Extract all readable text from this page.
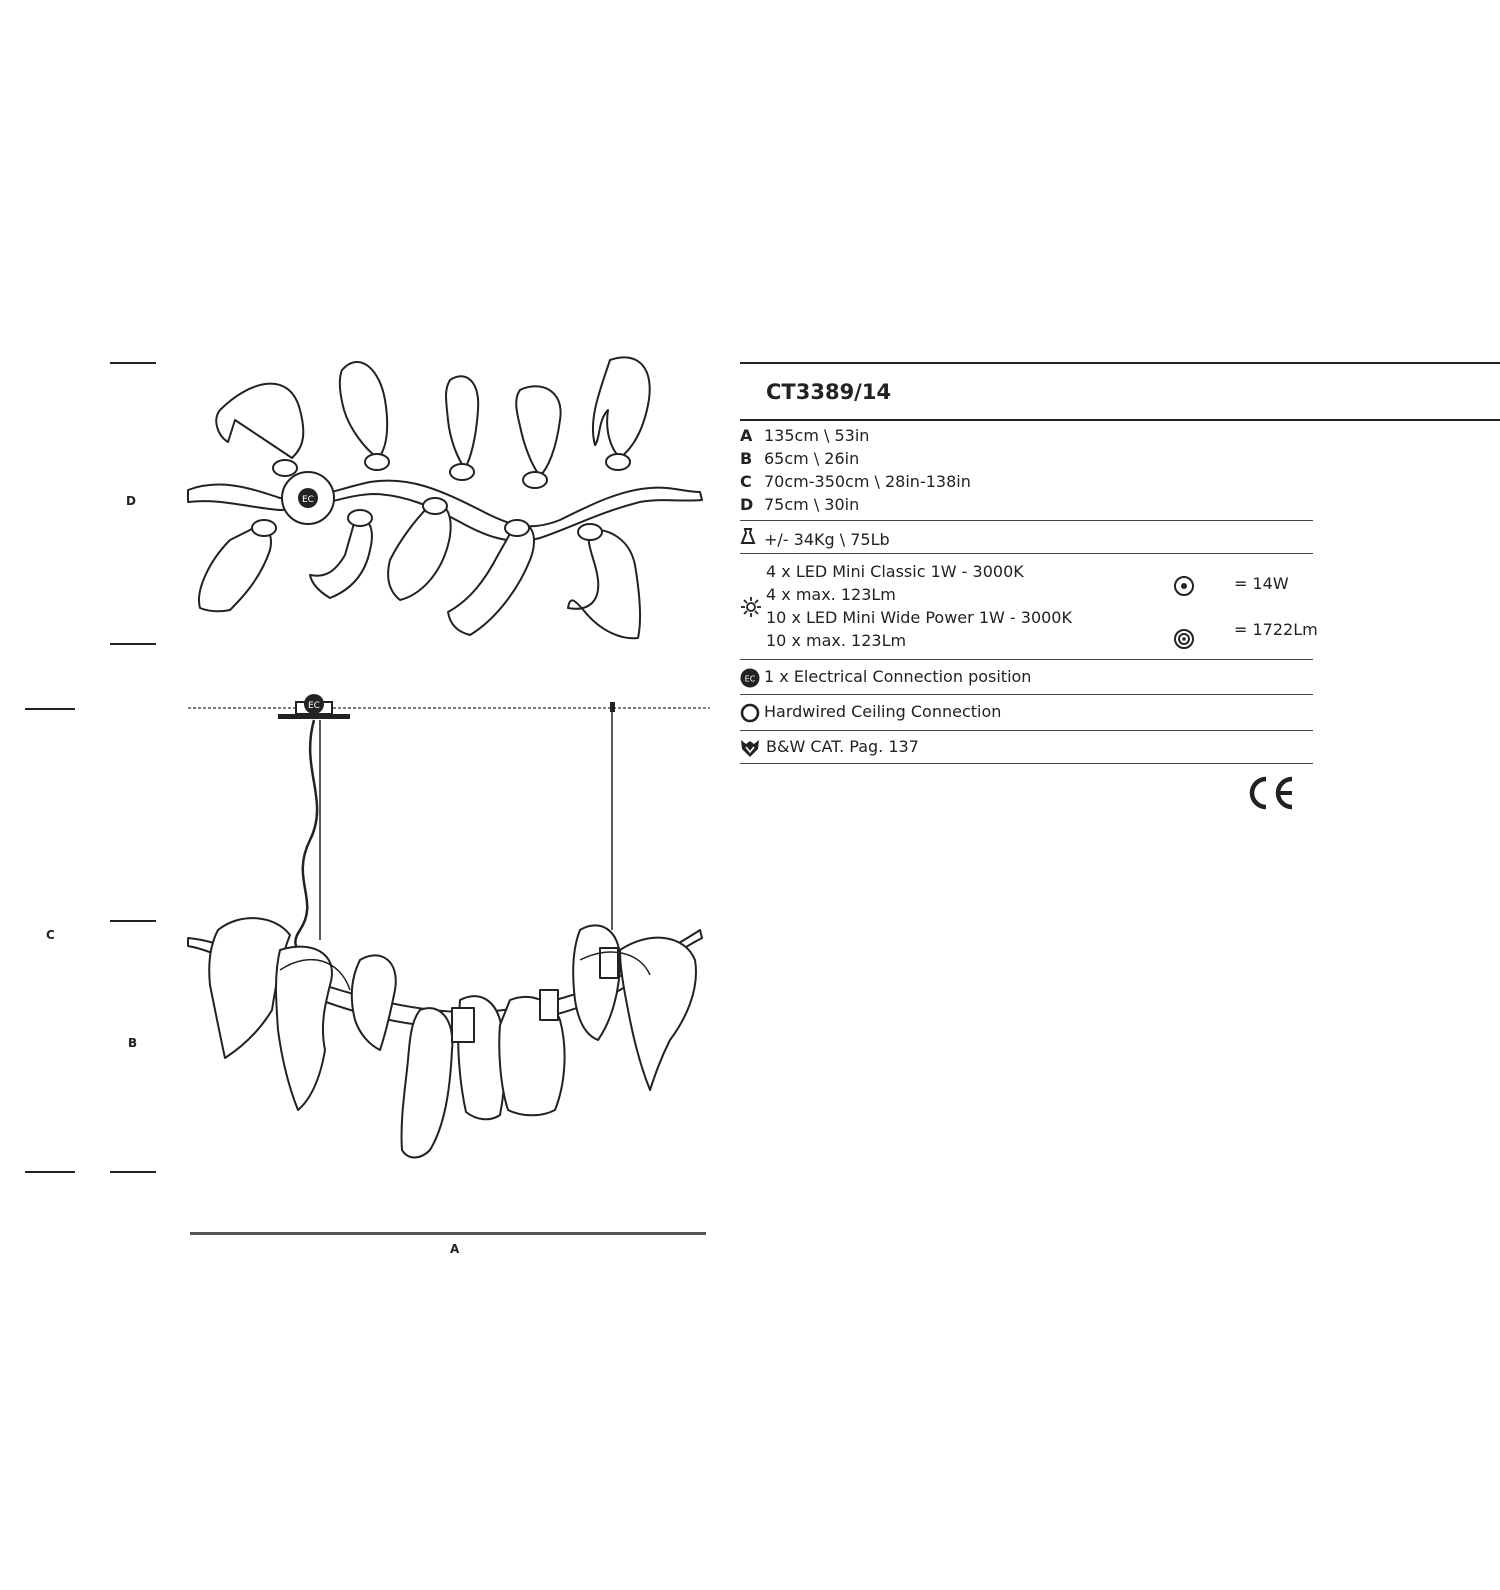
D
C
B
A
EC
EC
CT3389/14
A 135cm \ 53in
B 65cm \ 26in
C 70cm-350cm \ 28in-138in
D 75cm \ 30in
+/- 34Kg \ 75Lb
4 x LED Mini Classic 1W - 3000K
4 x max. 123Lm
10 x LED Mini Wide Power 1W - 3000K
10 x max. 123Lm
= 14W
= 1722Lm
EC 1 x Electrical Connection position
Hardwired Ceiling Connection
B&W CAT. Pag. 137
